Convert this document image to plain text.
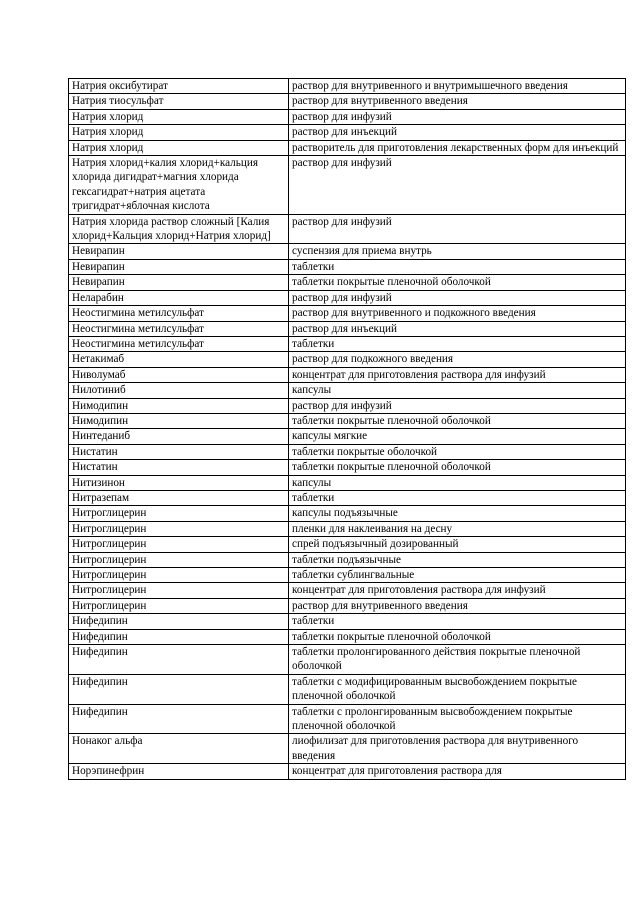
Натрия оксибутират	раствор для внутривенного и внутримышечного введения
Натрия тиосульфат	раствор для внутривенного введения
Натрия хлорид	раствор для инфузий
Натрия хлорид	раствор для инъекций
Натрия хлорид	растворитель для приготовления лекарственных форм для инъекций
Натрия хлорид+калия хлорид+кальция хлорида дигидрат+магния хлорида гексагидрат+натрия ацетата тригидрат+яблочная кислота	раствор для инфузий
Натрия хлорида раствор сложный [Калия хлорид+Кальция хлорид+Натрия хлорид]	раствор для инфузий
Невирапин	суспензия для приема внутрь
Невирапин	таблетки
Невирапин	таблетки покрытые пленочной оболочкой
Неларабин	раствор для инфузий
Неостигмина метилсульфат	раствор для внутривенного и подкожного введения
Неостигмина метилсульфат	раствор для инъекций
Неостигмина метилсульфат	таблетки
Нетакимаб	раствор для подкожного введения
Ниволумаб	концентрат для приготовления раствора для инфузий
Нилотиниб	капсулы
Нимодипин	раствор для инфузий
Нимодипин	таблетки покрытые пленочной оболочкой
Нинтеданиб	капсулы мягкие
Нистатин	таблетки покрытые оболочкой
Нистатин	таблетки покрытые пленочной оболочкой
Нитизинон	капсулы
Нитразепам	таблетки
Нитроглицерин	капсулы подъязычные
Нитроглицерин	пленки для наклеивания на десну
Нитроглицерин	спрей подъязычный дозированный
Нитроглицерин	таблетки подъязычные
Нитроглицерин	таблетки сублингвальные
Нитроглицерин	концентрат для приготовления раствора для инфузий
Нитроглицерин	раствор для внутривенного введения
Нифедипин	таблетки
Нифедипин	таблетки покрытые пленочной оболочкой
Нифедипин	таблетки пролонгированного действия покрытые пленочной оболочкой
Нифедипин	таблетки с модифицированным высвобождением покрытые пленочной оболочкой
Нифедипин	таблетки с пролонгированным высвобождением покрытые пленочной оболочкой
Нонаког альфа	лиофилизат для приготовления раствора для внутривенного введения
Норэпинефрин	концентрат для приготовления раствора для
